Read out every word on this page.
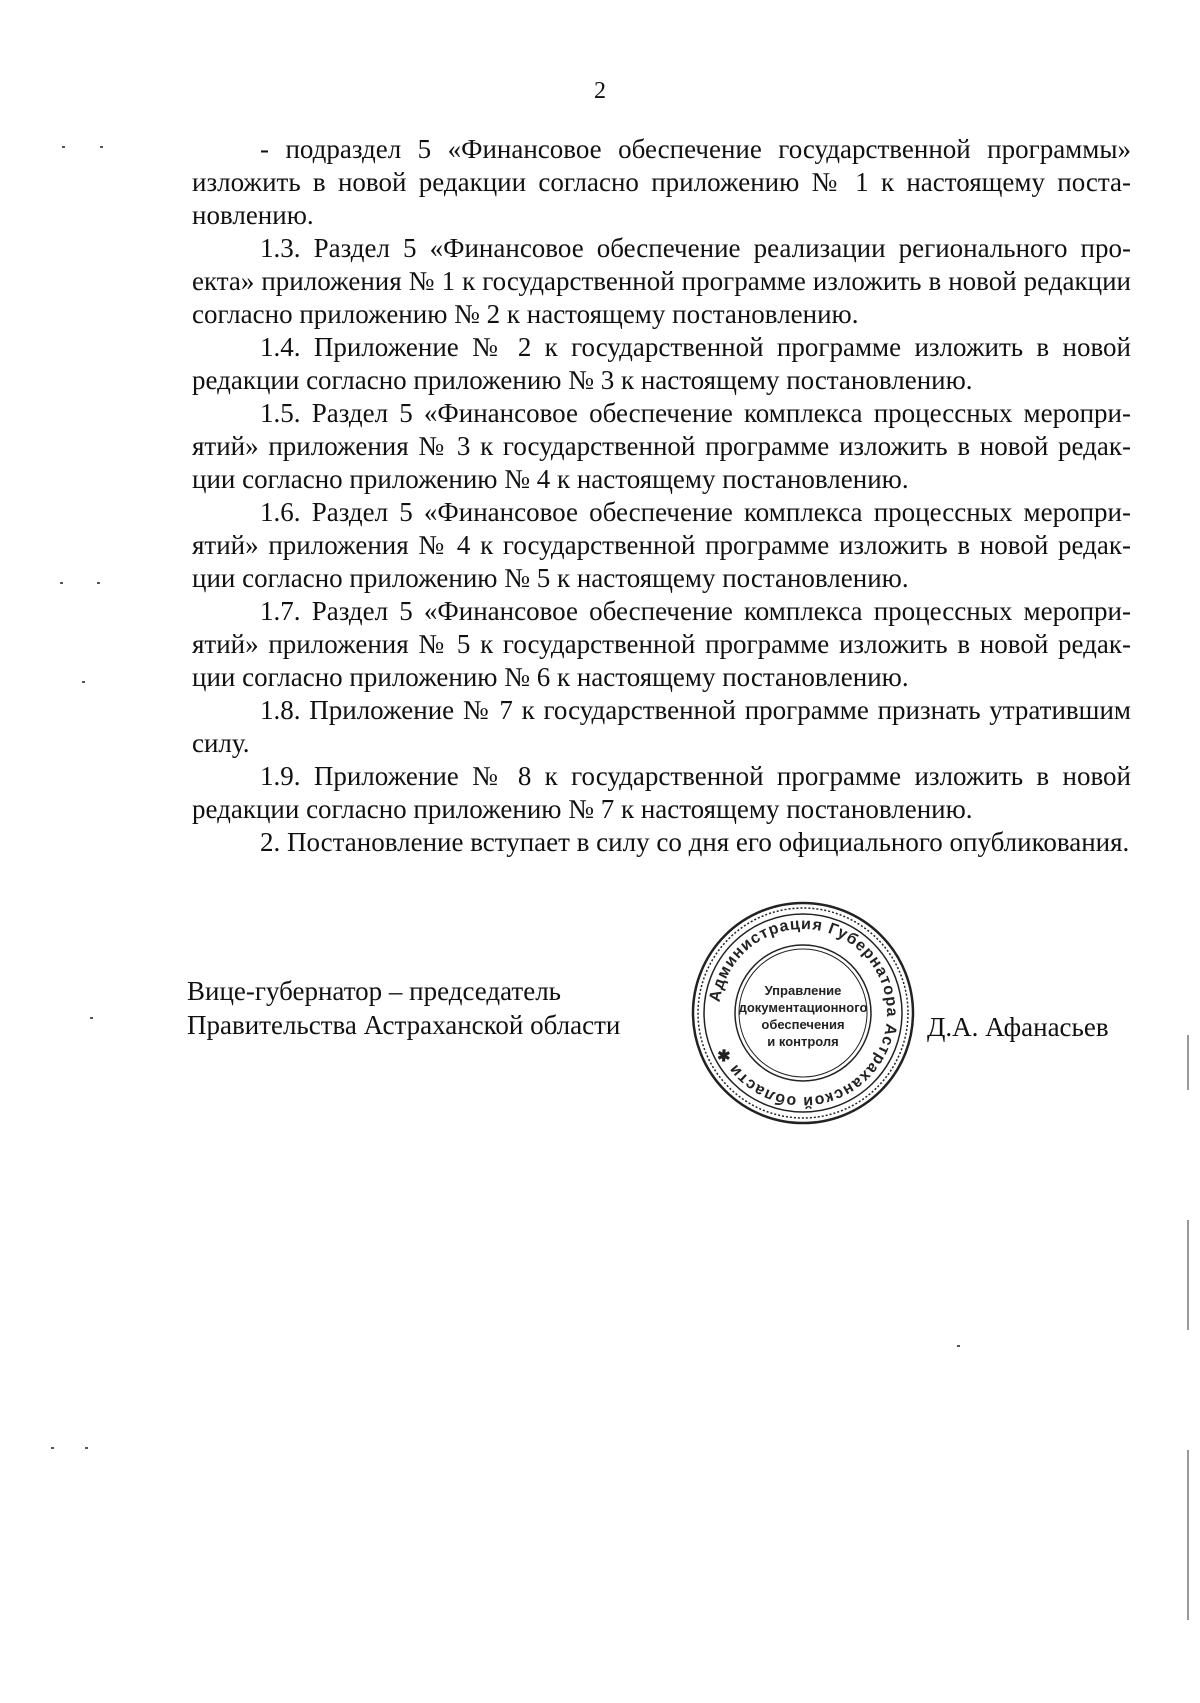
2

- подраздел 5 «Финансовое обеспечение государственной программы» изложить в новой редакции согласно приложению № 1 к настоящему постановлению.

1.3. Раздел 5 «Финансовое обеспечение реализации регионального проекта» приложения № 1 к государственной программе изложить в новой редакции согласно приложению № 2 к настоящему постановлению.

1.4. Приложение № 2 к государственной программе изложить в новой редакции согласно приложению № 3 к настоящему постановлению.

1.5. Раздел 5 «Финансовое обеспечение комплекса процессных мероприятий» приложения № 3 к государственной программе изложить в новой редакции согласно приложению № 4 к настоящему постановлению.

1.6. Раздел 5 «Финансовое обеспечение комплекса процессных мероприятий» приложения № 4 к государственной программе изложить в новой редакции согласно приложению № 5 к настоящему постановлению.

1.7. Раздел 5 «Финансовое обеспечение комплекса процессных мероприятий» приложения № 5 к государственной программе изложить в новой редакции согласно приложению № 6 к настоящему постановлению.

1.8. Приложение № 7 к государственной программе признать утратившим силу.

1.9. Приложение № 8 к государственной программе изложить в новой редакции согласно приложению № 7 к настоящему постановлению.

2. Постановление вступает в силу со дня его официального опубликования.

Вице-губернатор – председатель
Правительства Астраханской области
Администрация Губернатора Астраханской области ✱
Управление
документационного
обеспечения
и контроля	Д.А. Афанасьев
